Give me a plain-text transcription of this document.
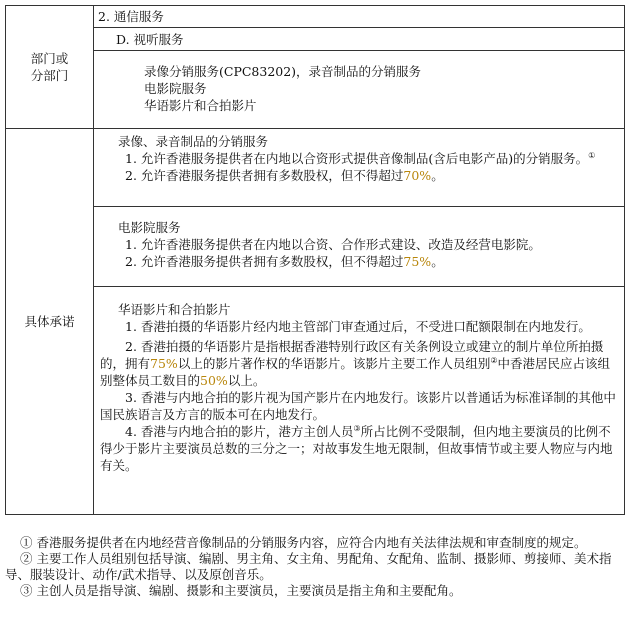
部门或
分部门	2. 通信服务

	D. 视听服务

	录像分销服务(CPC83202)，录音制品的分销服务
电影院服务
华语影片和合拍影片

具体承诺	录像、录音制品的分销服务
1. 允许香港服务提供者在内地以合资形式提供音像制品(含后电影产品)的分销服务。①
2. 允许香港服务提供者拥有多数股权，但不得超过70%。

	电影院服务
1. 允许香港服务提供者在内地以合资、合作形式建设、改造及经营电影院。
2. 允许香港服务提供者拥有多数股权，但不得超过75%。

	华语影片和合拍影片
1. 香港拍摄的华语影片经内地主管部门审查通过后，不受进口配额限制在内地发行。
2. 香港拍摄的华语影片是指根据香港特别行政区有关条例设立或建立的制片单位所拍摄的，拥有75%以上的影片著作权的华语影片。该影片主要工作人员组别②中香港居民应占该组别整体员工数目的50%以上。
3. 香港与内地合拍的影片视为国产影片在内地发行。该影片以普通话为标准译制的其他中国民族语言及方言的版本可在内地发行。
4. 香港与内地合拍的影片，港方主创人员③所占比例不受限制，但内地主要演员的比例不得少于影片主要演员总数的三分之一；对故事发生地无限制，但故事情节或主要人物应与内地有关。
① 香港服务提供者在内地经营音像制品的分销服务内容，应符合内地有关法律法规和审查制度的规定。
② 主要工作人员组别包括导演、编剧、男主角、女主角、男配角、女配角、监制、摄影师、剪接师、美术指导、服装设计、动作/武术指导、以及原创音乐。
③ 主创人员是指导演、编剧、摄影和主要演员，主要演员是指主角和主要配角。
